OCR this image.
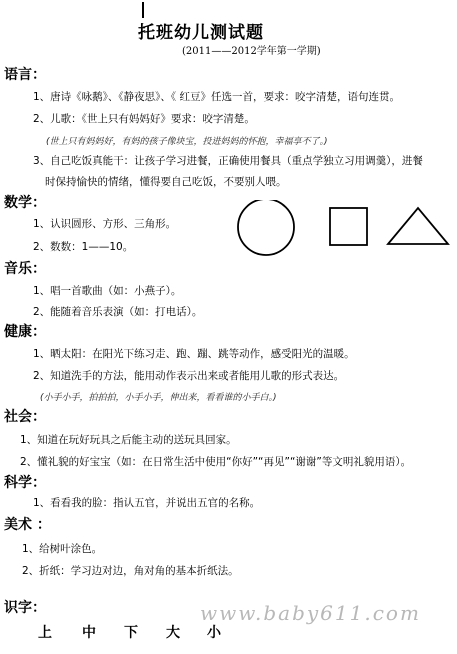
托班幼儿测试题
(2011——2012学年第一学期)
语言：
1、唐诗《咏鹅》、《静夜思》、《 红豆》任选一首，要求：咬字清楚，语句连贯。
2、儿歌：《世上只有妈妈好》要求：咬字清楚。
(世上只有妈妈好，有妈的孩子像块宝，投进妈妈的怀抱，幸福享不了。)
3、自己吃饭真能干：让孩子学习进餐，正确使用餐具（重点学独立习用调羹），进餐
时保持愉快的情绪，懂得要自己吃饭，不要别人喂。
数学：
1、认识圆形、方形、三角形。
2、数数：1——10。
音乐：
1、唱一首歌曲（如：小燕子）。
2、能随着音乐表演（如：打电话）。
健康：
1、晒太阳：在阳光下练习走、跑、蹦、跳等动作，感受阳光的温暖。
2、知道洗手的方法，能用动作表示出来或者能用儿歌的形式表达。
(小手小手，拍拍拍，小手小手，伸出来，看看谁的小手白。)
社会：
1、知道在玩好玩具之后能主动的送玩具回家。
2、懂礼貌的好宝宝（如：在日常生活中使用“你好”“再见”“谢谢”等文明礼貌用语）。
科学：
1、看看我的脸：指认五官，并说出五官的名称。
美术 ：
1、给树叶涂色。
2、折纸：学习边对边，角对角的基本折纸法。
识字：
上 中 下 大 小
www.baby611.com
